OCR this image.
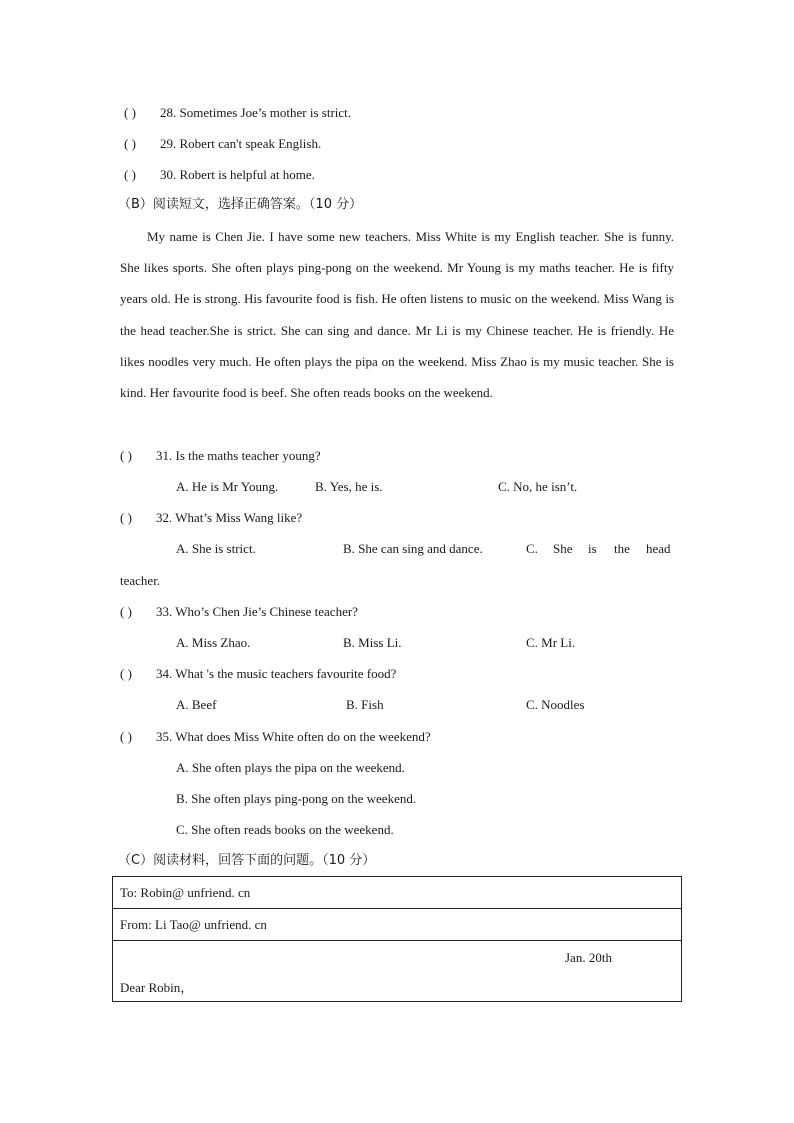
( ) 28. Sometimes Joe’s mother is strict.
( ) 29. Robert can't speak English.
( ) 30. Robert is helpful at home.
（B）阅读短文，选择正确答案。（10 分）
My name is Chen Jie. I have some new teachers. Miss White is my English teacher. She is funny. She likes sports. She often plays ping-pong on the weekend. Mr Young is my maths teacher. He is fifty years old. He is strong. His favourite food is fish. He often listens to music on the weekend. Miss Wang is the head teacher.She is strict. She can sing and dance. Mr Li is my Chinese teacher. He is friendly. He likes noodles very much. He often plays the pipa on the weekend. Miss Zhao is my music teacher. She is kind. Her favourite food is beef. She often reads books on the weekend.
( ) 31. Is the maths teacher young?
A. He is Mr Young.	B. Yes, he is.	C. No, he isn’t.
( ) 32. What’s Miss Wang like?
A. She is strict.	B. She can sing and dance.	C. She is the head
teacher.
( ) 33. Who’s Chen Jie’s Chinese teacher?
A. Miss Zhao.	B. Miss Li.	C. Mr Li.
( ) 34. What 's the music teachers favourite food?
A. Beef	B. Fish	C. Noodles
( ) 35. What does Miss White often do on the weekend?
A. She often plays the pipa on the weekend.
B. She often plays ping-pong on the weekend.
C. She often reads books on the weekend.
（C）阅读材料，回答下面的问题。（10 分）
To: Robin@ unfriend. cn
From: Li Tao@ unfriend. cn
Jan. 20th
Dear Robin，
